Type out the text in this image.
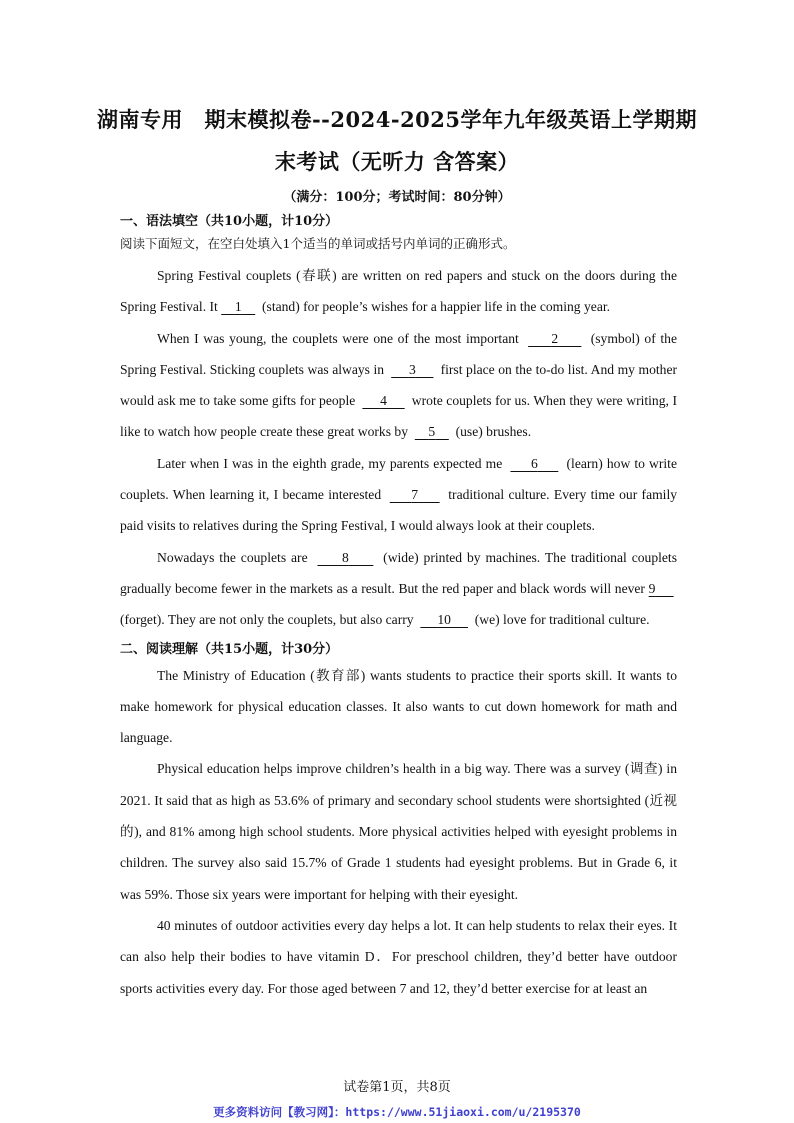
湖南专用　期末模拟卷--2024-2025学年九年级英语上学期期
末考试（无听力 含答案）
（满分：100分；考试时间：80分钟）

一、语法填空（共10小题，计10分）

阅读下面短文，在空白处填入1个适当的单词或括号内单词的正确形式。

Spring Festival couplets (春联) are written on red papers and stuck on the doors during the Spring Festival. It 1 (stand) for people’s wishes for a happier life in the coming year.

When I was young, the couplets were one of the most important 2 (symbol) of the Spring Festival. Sticking couplets was always in 3 first place on the to-do list. And my mother would ask me to take some gifts for people 4 wrote couplets for us. When they were writing, I like to watch how people create these great works by 5 (use) brushes.

Later when I was in the eighth grade, my parents expected me 6 (learn) how to write couplets. When learning it, I became interested 7 traditional culture. Every time our family paid visits to relatives during the Spring Festival, I would always look at their couplets.

Nowadays the couplets are	8	(wide) printed by machines. The traditional couplets gradually become fewer in the markets as a result. But the red paper and black words will never 9       (forget). They are not only the couplets, but also carry 10 (we) love for traditional culture.

二、阅读理解（共15小题，计30分）

The Ministry of Education (教育部) wants students to practice their sports skill. It wants to make homework for physical education classes. It also wants to cut down homework for math and language.

Physical education helps improve children’s health in a big way. There was a survey (调查) in 2021. It said that as high as 53.6% of primary and secondary school students were shortsighted (近视的), and 81% among high school students. More physical activities helped with eyesight problems in children. The survey also said 15.7% of Grade 1 students had eyesight problems. But in Grade 6, it was 59%. Those six years were important for helping with their eyesight.

40 minutes of outdoor activities every day helps a lot. It can help students to relax their eyes. It can also help their bodies to have vitamin D．For preschool children, they’d better have outdoor sports activities every day. For those aged between 7 and 12, they’d better exercise for at least an

试卷第1页，共8页
更多资料访问【教习网】：https://www.51jiaoxi.com/u/2195370
